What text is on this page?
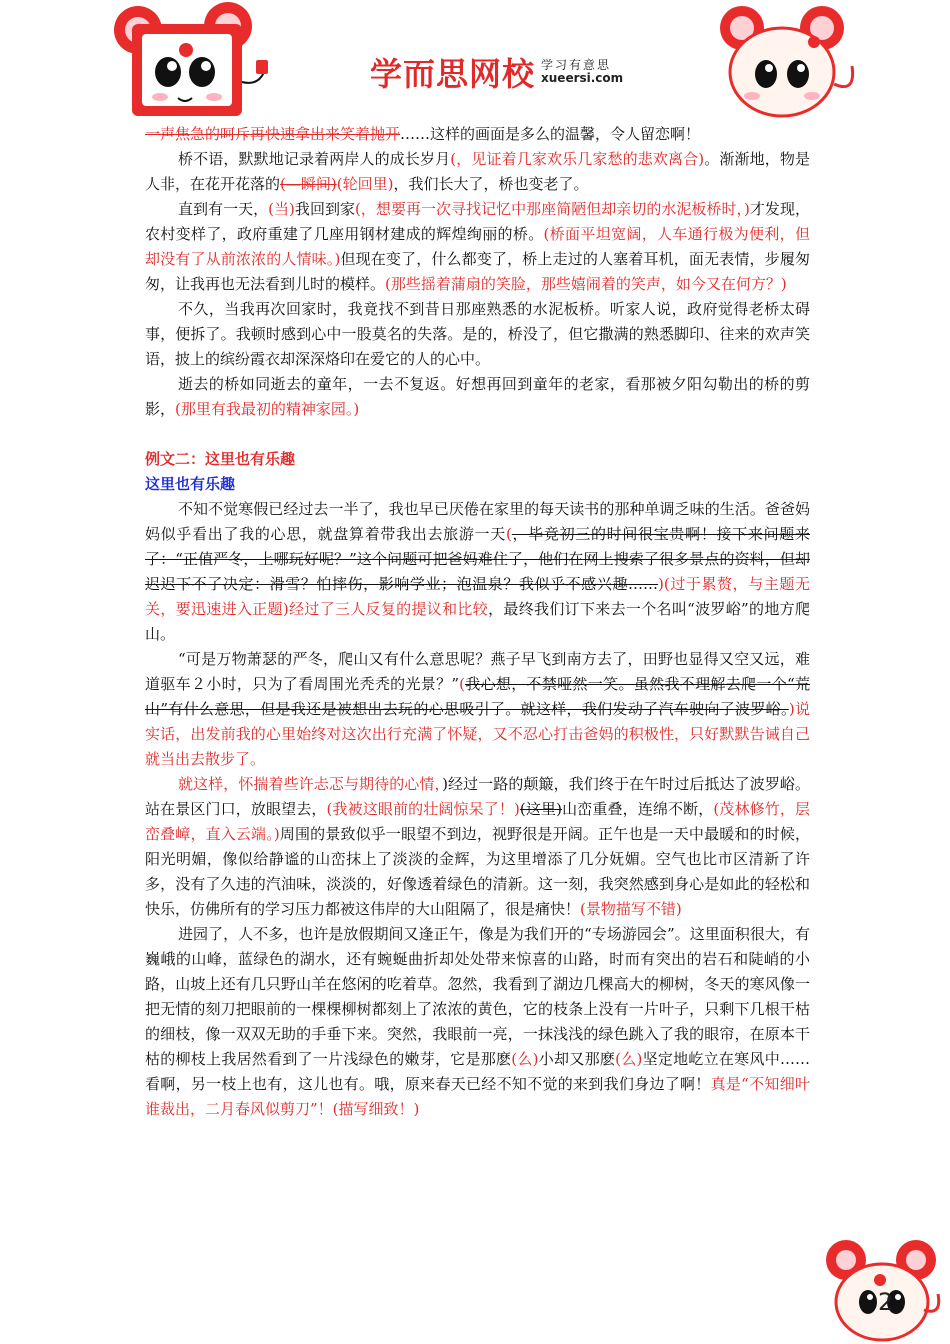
学而思网校 学习有意思
xueersi.com

一声焦急的呵斥再快速拿出来笑着抛开……这样的画面是多么的温馨，令人留恋啊！

桥不语，默默地记录着两岸人的成长岁月(，见证着几家欢乐几家愁的悲欢离合)。渐渐地，物是人非，在花开花落的(—瞬间)(轮回里)，我们长大了，桥也变老了。

直到有一天，(当)我回到家(，想要再一次寻找记忆中那座简陋但却亲切的水泥板桥时，)才发现，农村变样了，政府重建了几座用钢材建成的辉煌绚丽的桥。(桥面平坦宽阔，人车通行极为便利，但却没有了从前浓浓的人情味。)但现在变了，什么都变了，桥上走过的人塞着耳机，面无表情，步履匆匆，让我再也无法看到儿时的模样。(那些摇着蒲扇的笑脸，那些嬉闹着的笑声，如今又在何方？)

不久，当我再次回家时，我竟找不到昔日那座熟悉的水泥板桥。听家人说，政府觉得老桥太碍事，便拆了。我顿时感到心中一股莫名的失落。是的，桥没了，但它撒满的熟悉脚印、往来的欢声笑语，披上的缤纷霞衣却深深烙印在爱它的人的心中。

逝去的桥如同逝去的童年，一去不复返。好想再回到童年的老家，看那被夕阳勾勒出的桥的剪影，(那里有我最初的精神家园。)

例文二：这里也有乐趣

这里也有乐趣

不知不觉寒假已经过去一半了，我也早已厌倦在家里的每天读书的那种单调乏味的生活。爸爸妈妈似乎看出了我的心思，就盘算着带我出去旅游一天(，毕竟初三的时间很宝贵啊！接下来问题来了：“正值严冬，上哪玩好呢？”这个问题可把爸妈难住了，他们在网上搜索了很多景点的资料，但却迟迟下不了决定：滑雪？怕摔伤，影响学业；泡温泉？我似乎不感兴趣……)(过于累赘，与主题无关，要迅速进入正题)经过了三人反复的提议和比较，最终我们订下来去一个名叫“波罗峪”的地方爬山。

“可是万物萧瑟的严冬，爬山又有什么意思呢？燕子早飞到南方去了，田野也显得又空又远，难道驱车２小时，只为了看周围光秃秃的光景？”(我心想，不禁哑然一笑。虽然我不理解去爬一个“荒山”有什么意思，但是我还是被想出去玩的心思吸引了。就这样，我们发动了汽车驶向了波罗峪。)说实话，出发前我的心里始终对这次出行充满了怀疑，又不忍心打击爸妈的积极性，只好默默告诫自己就当出去散步了。

就这样，怀揣着些许忐忑与期待的心情，)经过一路的颠簸，我们终于在午时过后抵达了波罗峪。站在景区门口，放眼望去，(我被这眼前的壮阔惊呆了！)(这里)山峦重叠，连绵不断，(茂林修竹，层峦叠嶂，直入云端。)周围的景致似乎一眼望不到边，视野很是开阔。正午也是一天中最暖和的时候，阳光明媚，像似给静谧的山峦抹上了淡淡的金辉，为这里增添了几分妩媚。空气也比市区清新了许多，没有了久违的汽油味，淡淡的，好像透着绿色的清新。这一刻，我突然感到身心是如此的轻松和快乐，仿佛所有的学习压力都被这伟岸的大山阻隔了，很是痛快！(景物描写不错)

进园了，人不多，也许是放假期间又逢正午，像是为我们开的“专场游园会”。这里面积很大，有巍峨的山峰，蓝绿色的湖水，还有蜿蜒曲折却处处带来惊喜的山路，时而有突出的岩石和陡峭的小路，山坡上还有几只野山羊在悠闲的吃着草。忽然，我看到了湖边几棵高大的柳树，冬天的寒风像一把无情的刻刀把眼前的一棵棵柳树都刻上了浓浓的黄色，它的枝条上没有一片叶子，只剩下几根干枯的细枝，像一双双无助的手垂下来。突然，我眼前一亮，一抹浅浅的绿色跳入了我的眼帘，在原本干枯的柳枝上我居然看到了一片浅绿色的嫩芽，它是那麽(么)小却又那麽(么)坚定地屹立在寒风中……看啊，另一枝上也有，这儿也有。哦，原来春天已经不知不觉的来到我们身边了啊！真是“不知细叶谁裁出，二月春风似剪刀”！(描写细致！)

2
